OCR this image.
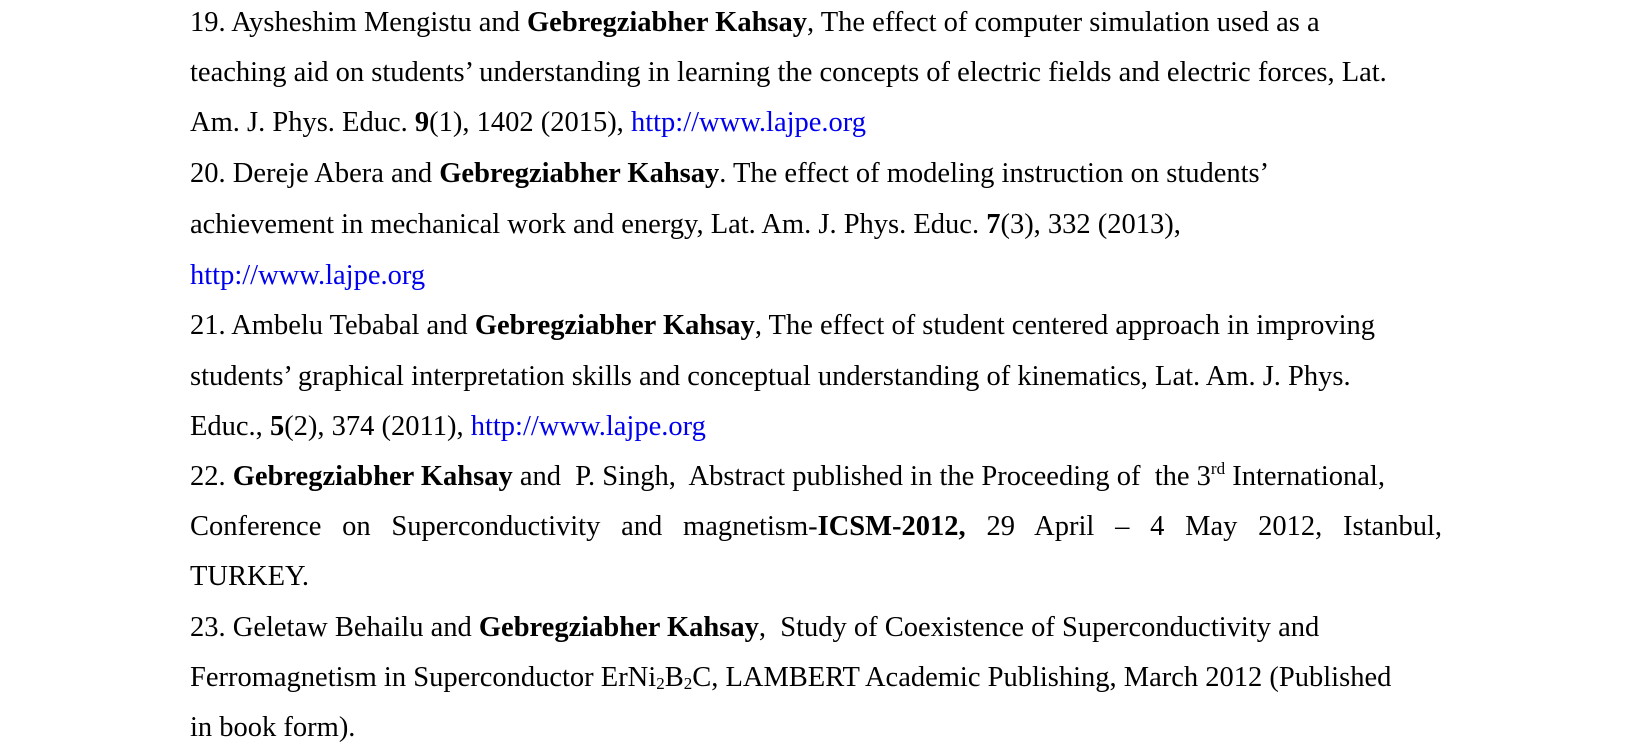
19. Aysheshim Mengistu and Gebregziabher Kahsay, The effect of computer simulation used as a
teaching aid on students’ understanding in learning the concepts of electric fields and electric forces, Lat.
Am. J. Phys. Educ. 9(1), 1402 (2015), http://www.lajpe.org
20. Dereje Abera and Gebregziabher Kahsay. The effect of modeling instruction on students’
achievement in mechanical work and energy, Lat. Am. J. Phys. Educ. 7(3), 332 (2013),
http://www.lajpe.org
21. Ambelu Tebabal and Gebregziabher Kahsay, The effect of student centered approach in improving
students’ graphical interpretation skills and conceptual understanding of kinematics, Lat. Am. J. Phys.
Educ., 5(2), 374 (2011), http://www.lajpe.org
22. Gebregziabher Kahsay and  P. Singh,  Abstract published in the Proceeding of  the 3rd International,
Conference on Superconductivity and magnetism-ICSM-2012, 29 April – 4 May 2012, Istanbul,
TURKEY.
23. Geletaw Behailu and Gebregziabher Kahsay,  Study of Coexistence of Superconductivity and
Ferromagnetism in Superconductor $ErNi_2B_2C$, LAMBERT Academic Publishing, March 2012 (Published
in book form).
